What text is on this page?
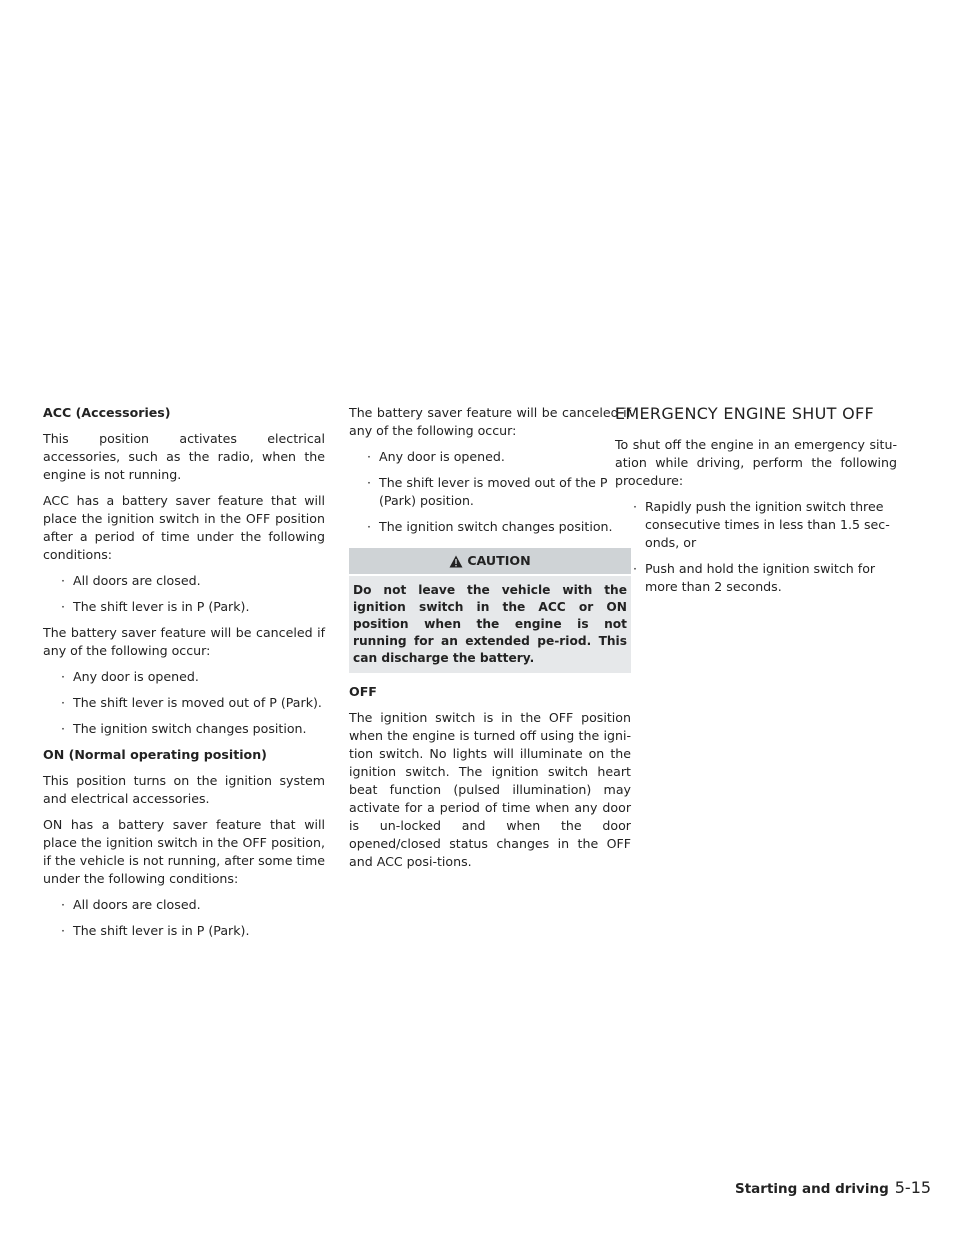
ACC (Accessories)

This position activates electrical accessories, such as the radio, when the engine is not running.

ACC has a battery saver feature that will place the ignition switch in the OFF position after a period of time under the following conditions:

· All doors are closed.
· The shift lever is in P (Park).

The battery saver feature will be canceled if any of the following occur:

· Any door is opened.
· The shift lever is moved out of P (Park).
· The ignition switch changes position.
ON (Normal operating position)

This position turns on the ignition system and electrical accessories.

ON has a battery saver feature that will place the ignition switch in the OFF position, if the vehicle is not running, after some time under the following conditions:

· All doors are closed.
· The shift lever is in P (Park).

The battery saver feature will be canceled if any of the following occur:

· Any door is opened.
· The shift lever is moved out of the P (Park) position.
· The ignition switch changes position.
CAUTION
Do not leave the vehicle with the ignition switch in the ACC or ON position when the engine is not running for an extended pe-riod. This can discharge the battery.
OFF

The ignition switch is in the OFF position when the engine is turned off using the igni-tion switch. No lights will illuminate on the ignition switch. The ignition switch heart beat function (pulsed illumination) may activate for a period of time when any door is un-locked and when the door opened/closed status changes in the OFF and ACC posi-tions.

EMERGENCY ENGINE SHUT OFF

To shut off the engine in an emergency situ-ation while driving, perform the following procedure:

· Rapidly push the ignition switch three consecutive times in less than 1.5 sec-onds, or
· Push and hold the ignition switch for more than 2 seconds.
Starting and driving 5-15
